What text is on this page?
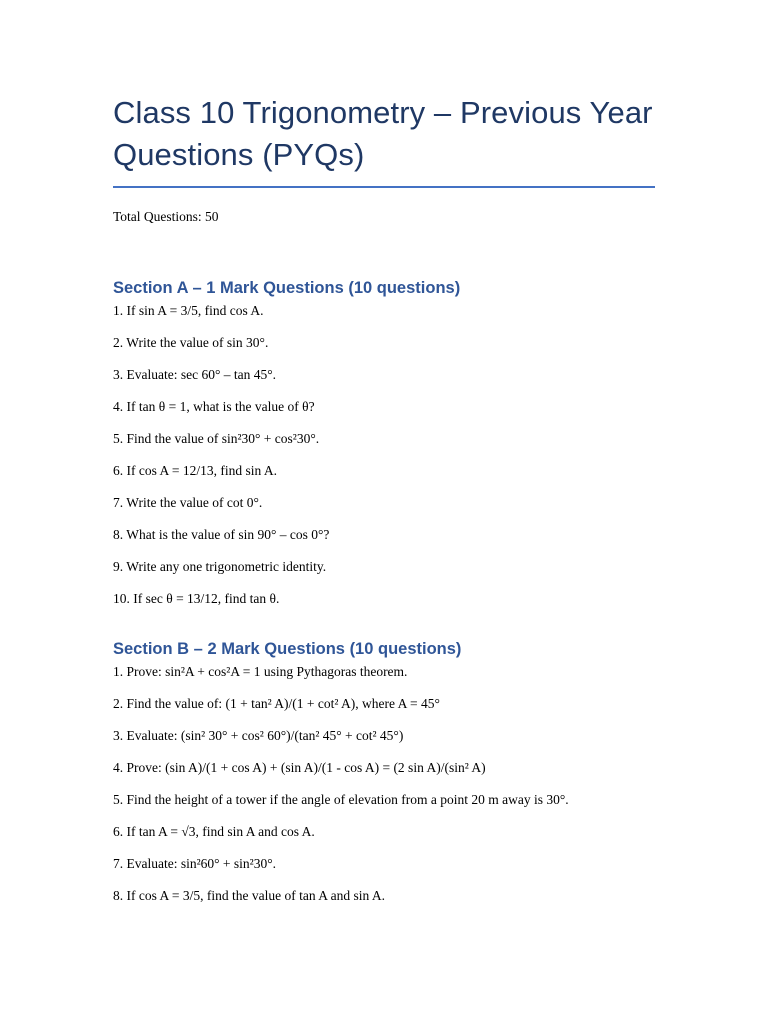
Class 10 Trigonometry – Previous Year Questions (PYQs)

Total Questions: 50

Section A – 1 Mark Questions (10 questions)
1. If sin A = 3/5, find cos A.
2. Write the value of sin 30°.
3. Evaluate: sec 60° – tan 45°.
4. If tan θ = 1, what is the value of θ?
5. Find the value of sin²30° + cos²30°.
6. If cos A = 12/13, find sin A.
7. Write the value of cot 0°.
8. What is the value of sin 90° – cos 0°?
9. Write any one trigonometric identity.
10. If sec θ = 13/12, find tan θ.
Section B – 2 Mark Questions (10 questions)
1. Prove: sin²A + cos²A = 1 using Pythagoras theorem.
2. Find the value of: (1 + tan² A)/(1 + cot² A), where A = 45°
3. Evaluate: (sin² 30° + cos² 60°)/(tan² 45° + cot² 45°)
4. Prove: (sin A)/(1 + cos A) + (sin A)/(1 - cos A) = (2 sin A)/(sin² A)
5. Find the height of a tower if the angle of elevation from a point 20 m away is 30°.
6. If tan A = √3, find sin A and cos A.
7. Evaluate: sin²60° + sin²30°.
8. If cos A = 3/5, find the value of tan A and sin A.
